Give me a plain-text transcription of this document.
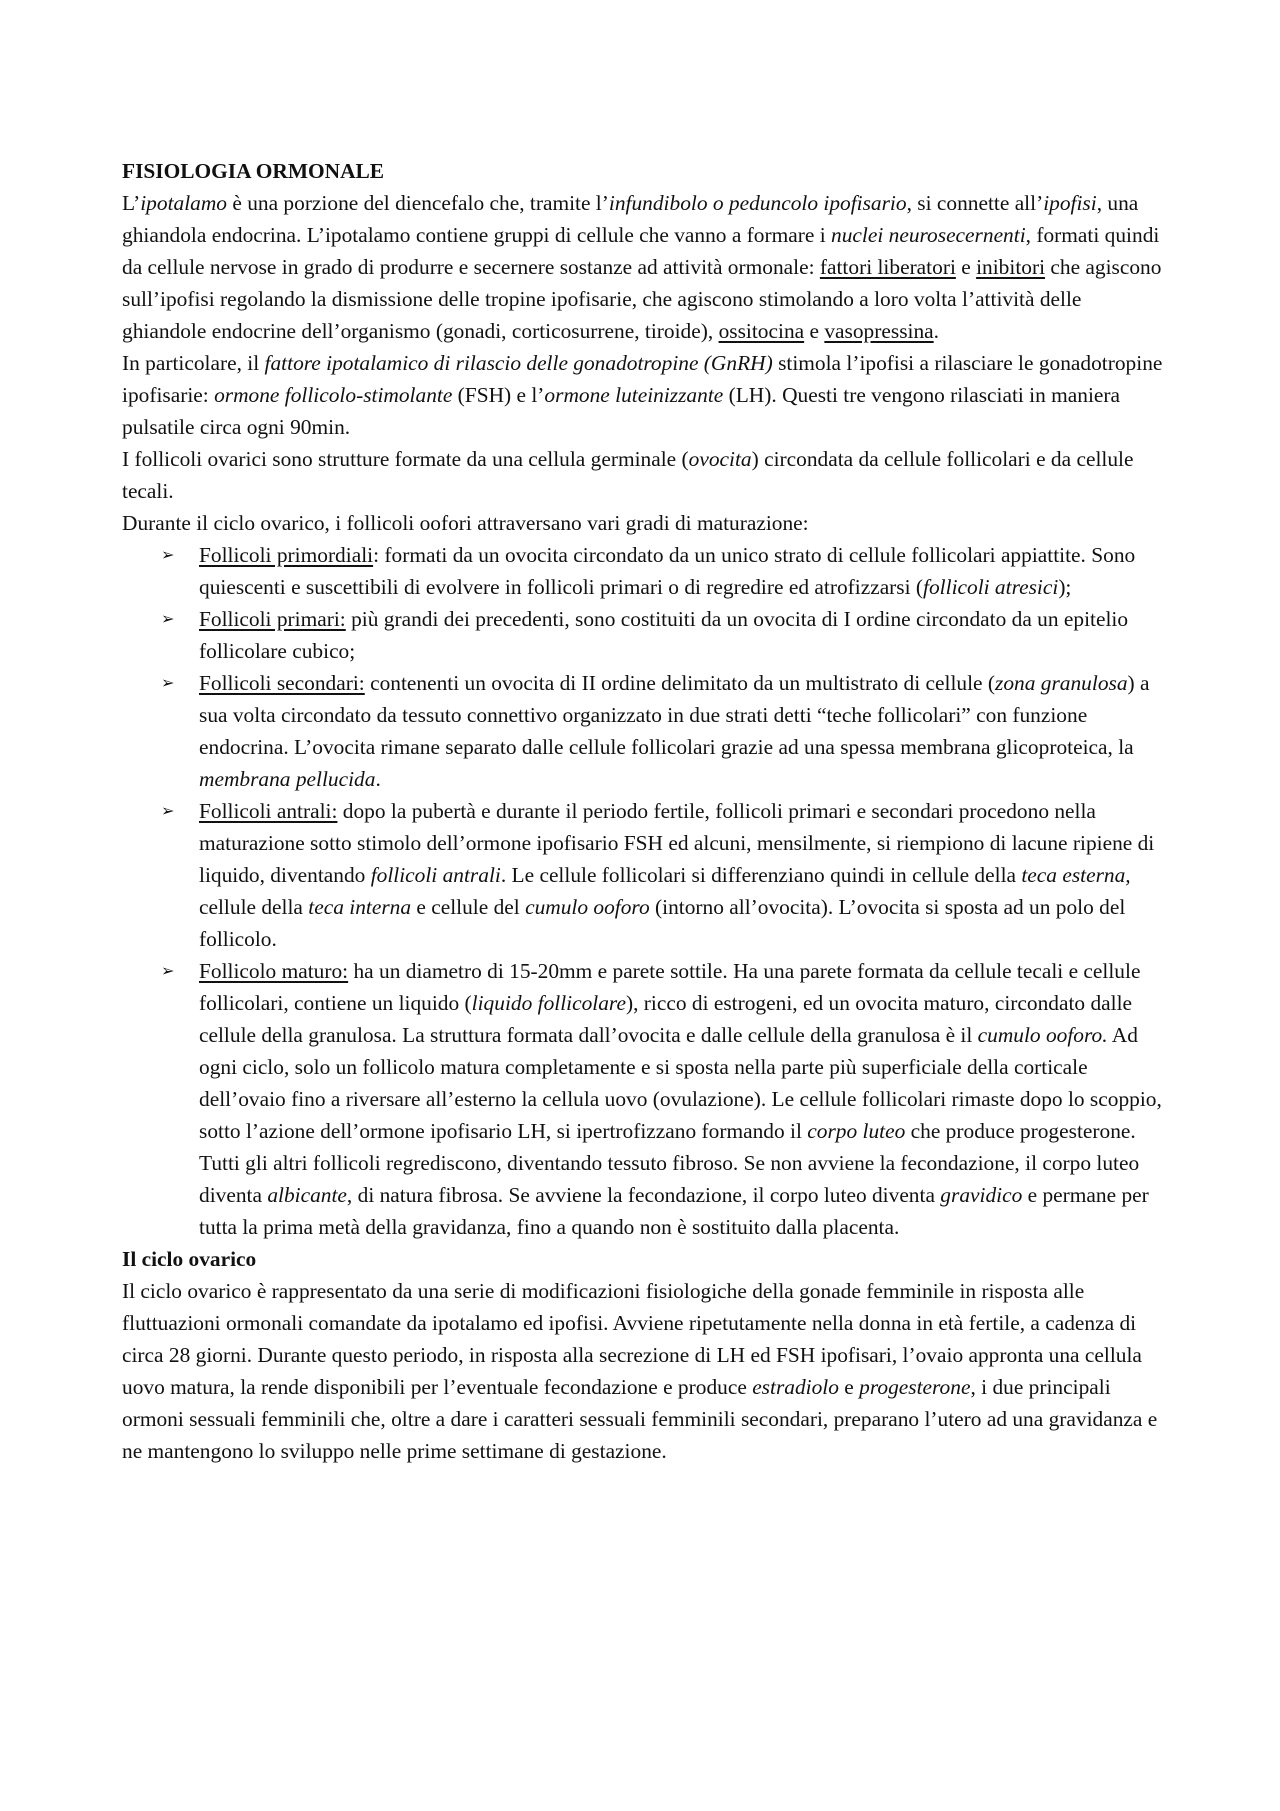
FISIOLOGIA ORMONALE

L’ipotalamo è una porzione del diencefalo che, tramite l’infundibolo o peduncolo ipofisario, si connette all’ipofisi, una ghiandola endocrina. L’ipotalamo contiene gruppi di cellule che vanno a formare i nuclei neurosecernenti, formati quindi da cellule nervose in grado di produrre e secernere sostanze ad attività ormonale: fattori liberatori e inibitori che agiscono sull’ipofisi regolando la dismissione delle tropine ipofisarie, che agiscono stimolando a loro volta l’attività delle ghiandole endocrine dell’organismo (gonadi, corticosurrene, tiroide), ossitocina e vasopressina.

In particolare, il fattore ipotalamico di rilascio delle gonadotropine (GnRH) stimola l’ipofisi a rilasciare le gonadotropine ipofisarie: ormone follicolo-stimolante (FSH) e l’ormone luteinizzante (LH). Questi tre vengono rilasciati in maniera pulsatile circa ogni 90min.

I follicoli ovarici sono strutture formate da una cellula germinale (ovocita) circondata da cellule follicolari e da cellule tecali.

Durante il ciclo ovarico, i follicoli oofori attraversano vari gradi di maturazione:

➢ Follicoli primordiali: formati da un ovocita circondato da un unico strato di cellule follicolari appiattite. Sono quiescenti e suscettibili di evolvere in follicoli primari o di regredire ed atrofizzarsi (follicoli atresici);
➢ Follicoli primari: più grandi dei precedenti, sono costituiti da un ovocita di I ordine circondato da un epitelio follicolare cubico;
➢ Follicoli secondari: contenenti un ovocita di II ordine delimitato da un multistrato di cellule (zona granulosa) a sua volta circondato da tessuto connettivo organizzato in due strati detti “teche follicolari” con funzione endocrina. L’ovocita rimane separato dalle cellule follicolari grazie ad una spessa membrana glicoproteica, la membrana pellucida.
➢ Follicoli antrali: dopo la pubertà e durante il periodo fertile, follicoli primari e secondari procedono nella maturazione sotto stimolo dell’ormone ipofisario FSH ed alcuni, mensilmente, si riempiono di lacune ripiene di liquido, diventando follicoli antrali. Le cellule follicolari si differenziano quindi in cellule della teca esterna, cellule della teca interna e cellule del cumulo ooforo (intorno all’ovocita). L’ovocita si sposta ad un polo del follicolo.
➢ Follicolo maturo: ha un diametro di 15-20mm e parete sottile. Ha una parete formata da cellule tecali e cellule follicolari, contiene un liquido (liquido follicolare), ricco di estrogeni, ed un ovocita maturo, circondato dalle cellule della granulosa. La struttura formata dall’ovocita e dalle cellule della granulosa è il cumulo ooforo. Ad ogni ciclo, solo un follicolo matura completamente e si sposta nella parte più superficiale della corticale dell’ovaio fino a riversare all’esterno la cellula uovo (ovulazione). Le cellule follicolari rimaste dopo lo scoppio, sotto l’azione dell’ormone ipofisario LH, si ipertrofizzano formando il corpo luteo che produce progesterone. Tutti gli altri follicoli regrediscono, diventando tessuto fibroso. Se non avviene la fecondazione, il corpo luteo diventa albicante, di natura fibrosa. Se avviene la fecondazione, il corpo luteo diventa gravidico e permane per tutta la prima metà della gravidanza, fino a quando non è sostituito dalla placenta.

Il ciclo ovarico

Il ciclo ovarico è rappresentato da una serie di modificazioni fisiologiche della gonade femminile in risposta alle fluttuazioni ormonali comandate da ipotalamo ed ipofisi. Avviene ripetutamente nella donna in età fertile, a cadenza di circa 28 giorni. Durante questo periodo, in risposta alla secrezione di LH ed FSH ipofisari, l’ovaio appronta una cellula uovo matura, la rende disponibili per l’eventuale fecondazione e produce estradiolo e progesterone, i due principali ormoni sessuali femminili che, oltre a dare i caratteri sessuali femminili secondari, preparano l’utero ad una gravidanza e ne mantengono lo sviluppo nelle prime settimane di gestazione.
